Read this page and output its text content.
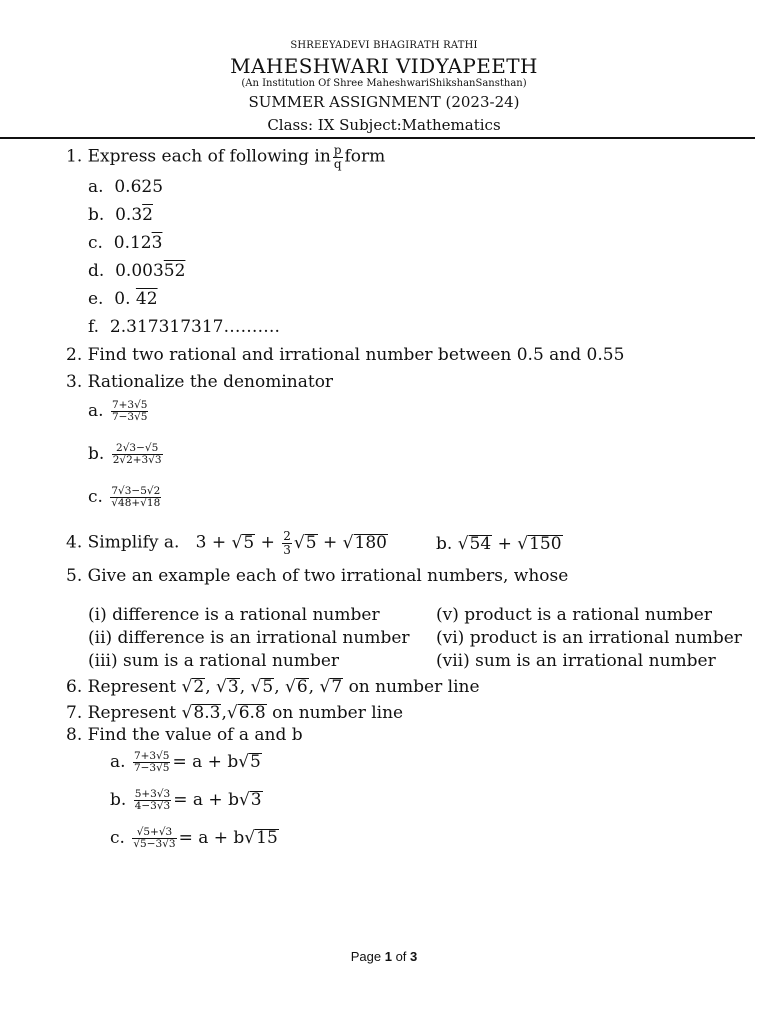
SHREEYADEVI BHAGIRATH RATHI
MAHESHWARI VIDYAPEETH
(An Institution Of Shree MaheshwariShikshanSansthan)
SUMMER ASSIGNMENT (2023-24)
Class: IX Subject:Mathematics
1. Express each of following in $\frac{p}{q}$ form
a. 0.625
b. 0.32
c. 0.123
d. 0.00352
e. 0. 42
f. 2.317317317……….
2. Find two rational and irrational number between 0.5 and 0.55
3. Rationalize the denominator
a. $\frac{7+3√5}{7-3√5}$
b. $\frac{2√3-√5}{2√2+3√3}$
c. $\frac{7√3-5√2}{√48+√18}$
4. Simplify a. $3 + √5 + \frac{2}{3} √5 + √180$	b. √54 + √150
5. Give an example each of two irrational numbers, whose
(i) difference is a rational number
(ii) difference is an irrational number
(iii) sum is a rational number
(v) product is a rational number
(vi) product is an irrational number
(vii) sum is an irrational number
6. Represent √2, √3, √5, √6, √7 on number line
7. Represent √8.3,√6.8 on number line
8. Find the value of a and b
a. $\frac{7+3√5}{7-3√5} = a + b√5$
b. $\frac{5+3√3}{4-3√3} = a + b√3$
c. $\frac{√5+√3}{√5-3√3} = a + b√15$
Page 1 of 3
